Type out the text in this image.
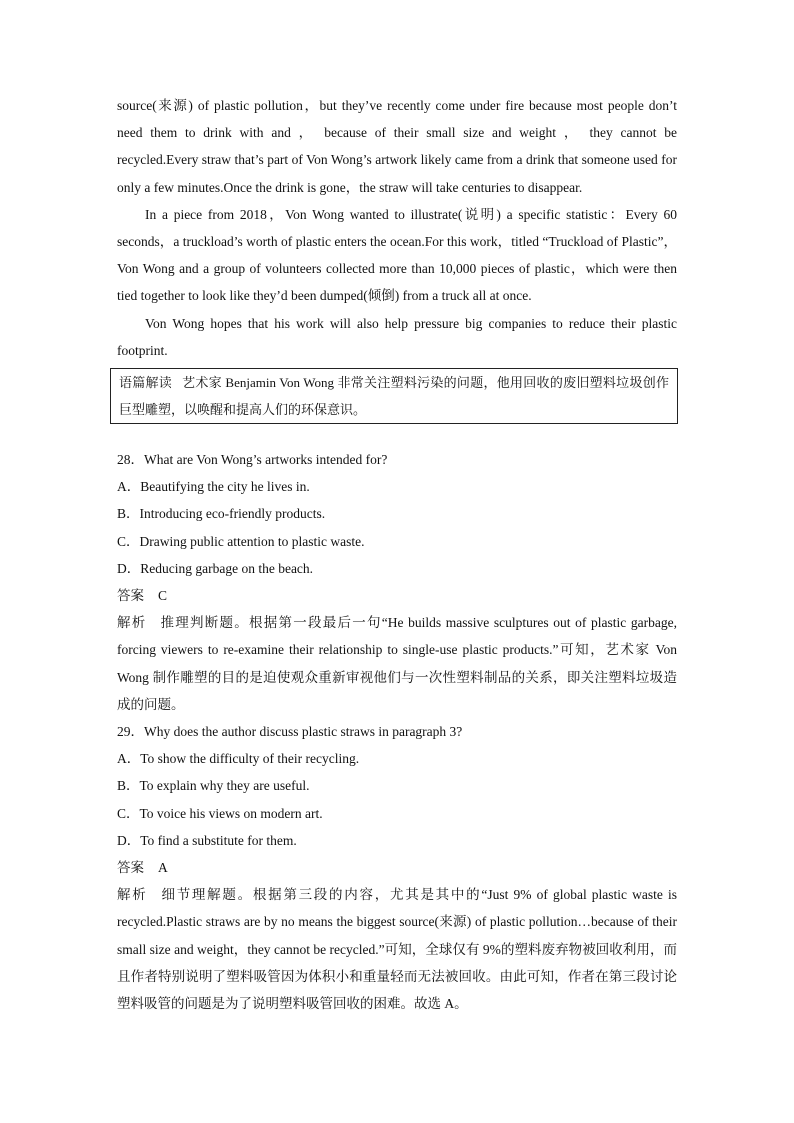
source(来源) of plastic pollution，but they’ve recently come under fire because most people don’t need them to drink with and ， because of their small size and weight ， they cannot be recycled.Every straw that’s part of Von Wong’s artwork likely came from a drink that someone used for only a few minutes.Once the drink is gone，the straw will take centuries to disappear.

In a piece from 2018，Von Wong wanted to illustrate(说明) a specific statistic：Every 60 seconds，a truckload’s worth of plastic enters the ocean.For this work，titled “Truckload of Plastic”，Von Wong and a group of volunteers collected more than 10,000 pieces of plastic，which were then tied together to look like they’d been dumped(倾倒) from a truck all at once.

Von Wong hopes that his work will also help pressure big companies to reduce their plastic footprint.

语篇解读 艺术家 Benjamin Von Wong 非常关注塑料污染的问题，他用回收的废旧塑料垃圾创作巨型雕塑，以唤醒和提高人们的环保意识。

28．What are Von Wong’s artworks intended for?

A．Beautifying the city he lives in.

B．Introducing eco-friendly products.

C．Drawing public attention to plastic waste.

D．Reducing garbage on the beach.

答案 C

解析 推理判断题。根据第一段最后一句“He builds massive sculptures out of plastic garbage, forcing viewers to re-examine their relationship to single-use plastic products.”可知，艺术家 Von Wong 制作雕塑的目的是迫使观众重新审视他们与一次性塑料制品的关系，即关注塑料垃圾造成的问题。

29．Why does the author discuss plastic straws in paragraph 3?

A．To show the difficulty of their recycling.

B．To explain why they are useful.

C．To voice his views on modern art.

D．To find a substitute for them.

答案 A

解析 细节理解题。根据第三段的内容，尤其是其中的“Just 9% of global plastic waste is recycled.Plastic straws are by no means the biggest source(来源) of plastic pollution…because of their small size and weight，they cannot be recycled.”可知，全球仅有 9%的塑料废弃物被回收利用，而且作者特别说明了塑料吸管因为体积小和重量轻而无法被回收。由此可知，作者在第三段讨论塑料吸管的问题是为了说明塑料吸管回收的困难。故选 A。
